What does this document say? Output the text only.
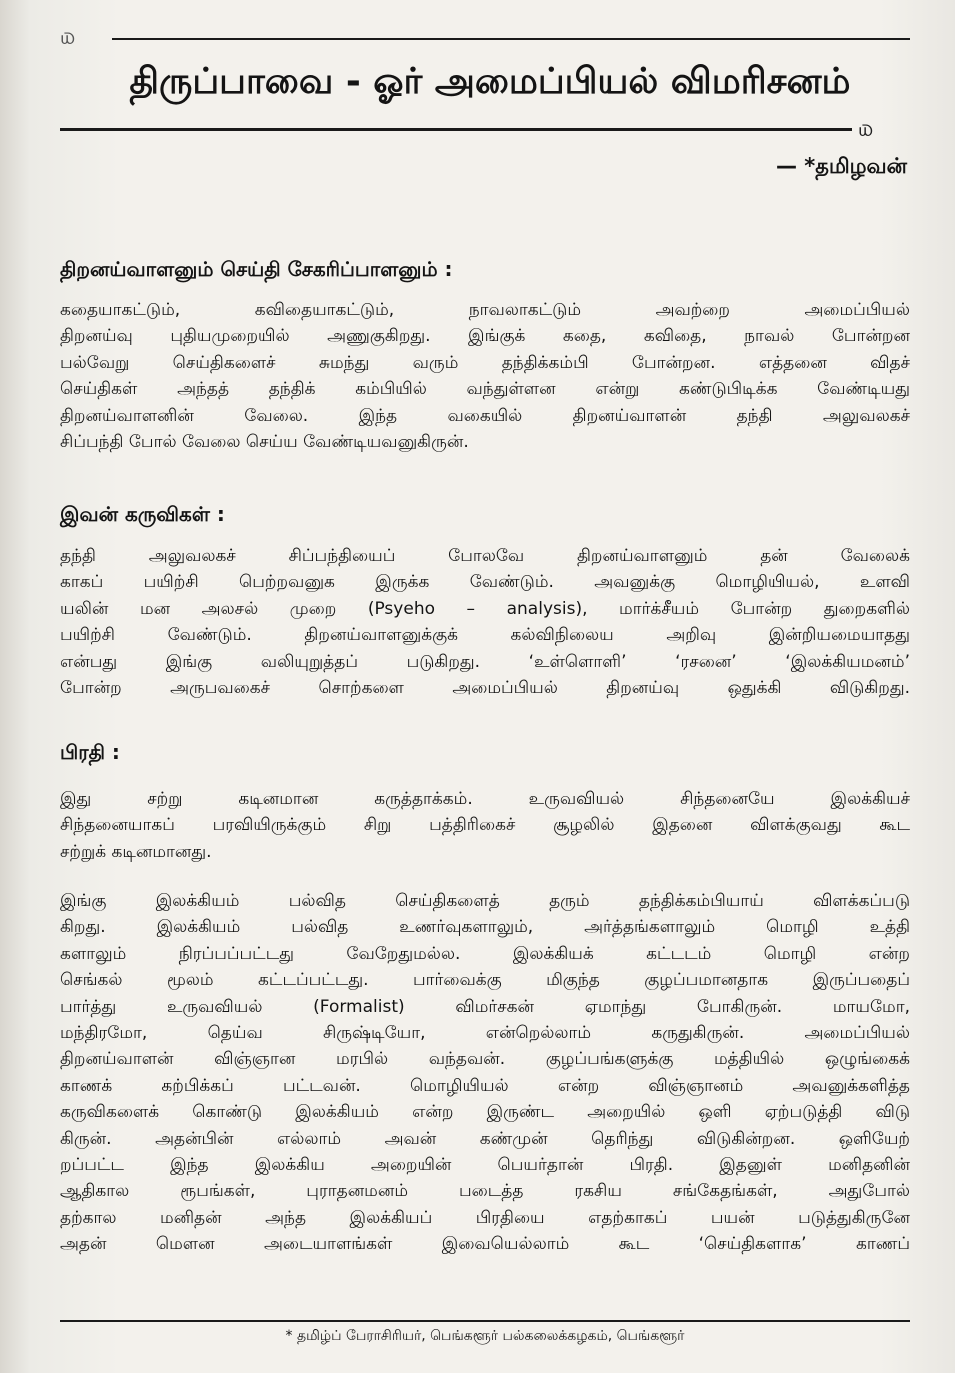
௰
திருப்பாவை - ஓர் அமைப்பியல் விமரிசனம்
௰
— *தமிழவன்
திறனய்வாளனும் செய்தி சேகரிப்பாளனும் :
கதையாகட்டும், கவிதையாகட்டும், நாவலாகட்டும் அவற்றை அமைப்பியல்
திறனய்வு புதியமுறையில் அணுகுகிறது. இங்குக் கதை, கவிதை, நாவல் போன்றன
பல்வேறு செய்திகளைச் சுமந்து வரும் தந்திக்கம்பி போன்றன. எத்தனை விதச்
செய்திகள் அந்தத் தந்திக் கம்பியில் வந்துள்ளன என்று கண்டுபிடிக்க வேண்டியது
திறனய்வாளனின் வேலை. இந்த வகையில் திறனய்வாளன் தந்தி அலுவலகச்
சிப்பந்தி போல் வேலை செய்ய வேண்டியவனுகிருன்.
இவன் கருவிகள் :
தந்தி அலுவலகச் சிப்பந்தியைப் போலவே திறனய்வாளனும் தன் வேலைக்
காகப் பயிற்சி பெற்றவனுக இருக்க வேண்டும். அவனுக்கு மொழியியல், உளவி
யலின் மன அலசல் முறை (Psyeho – analysis), மார்க்சீயம் போன்ற துறைகளில்
பயிற்சி வேண்டும். திறனய்வாளனுக்குக் கல்விநிலைய அறிவு இன்றியமையாதது
என்பது இங்கு வலியுறுத்தப் படுகிறது. ‘உள்ளொளி’ ‘ரசனை’ ‘இலக்கியமனம்’
போன்ற அருபவகைச் சொற்களை அமைப்பியல் திறனய்வு ஒதுக்கி விடுகிறது.
பிரதி :
இது சற்று கடினமான கருத்தாக்கம். உருவவியல் சிந்தனையே இலக்கியச்
சிந்தனையாகப் பரவியிருக்கும் சிறு பத்திரிகைச் சூழலில் இதனை விளக்குவது கூட
சற்றுக் கடினமானது.
இங்கு இலக்கியம் பல்வித செய்திகளைத் தரும் தந்திக்கம்பியாய் விளக்கப்படு
கிறது. இலக்கியம் பல்வித உணர்வுகளாலும், அர்த்தங்களாலும் மொழி உத்தி
களாலும் நிரப்பப்பட்டது வேறேதுமல்ல. இலக்கியக் கட்டடம் மொழி என்ற
செங்கல் மூலம் கட்டப்பட்டது. பார்வைக்கு மிகுந்த குழப்பமானதாக இருப்பதைப்
பார்த்து உருவவியல் (Formalist) விமர்சகன் ஏமாந்து போகிருன். மாயமோ,
மந்திரமோ, தெய்வ சிருஷ்டியோ, என்றெல்லாம் கருதுகிருன். அமைப்பியல்
திறனய்வாளன் விஞ்ஞான மரபில் வந்தவன். குழப்பங்களுக்கு மத்தியில் ஒழுங்கைக்
காணக் கற்பிக்கப் பட்டவன். மொழியியல் என்ற விஞ்ஞானம் அவனுக்களித்த
கருவிகளைக் கொண்டு இலக்கியம் என்ற இருண்ட அறையில் ஒளி ஏற்படுத்தி விடு
கிருன். அதன்பின் எல்லாம் அவன் கண்முன் தெரிந்து விடுகின்றன. ஒளியேற்
றப்பட்ட இந்த இலக்கிய அறையின் பெயர்தான் பிரதி. இதனுள் மனிதனின்
ஆதிகால ரூபங்கள், புராதனமனம் படைத்த ரகசிய சங்கேதங்கள், அதுபோல்
தற்கால மனிதன் அந்த இலக்கியப் பிரதியை எதற்காகப் பயன் படுத்துகிருனே
அதன் மௌன அடையாளங்கள் இவையெல்லாம் கூட ‘செய்திகளாக’ காணப்
* தமிழ்ப் பேராசிரியர், பெங்களூர் பல்கலைக்கழகம், பெங்களூர்
